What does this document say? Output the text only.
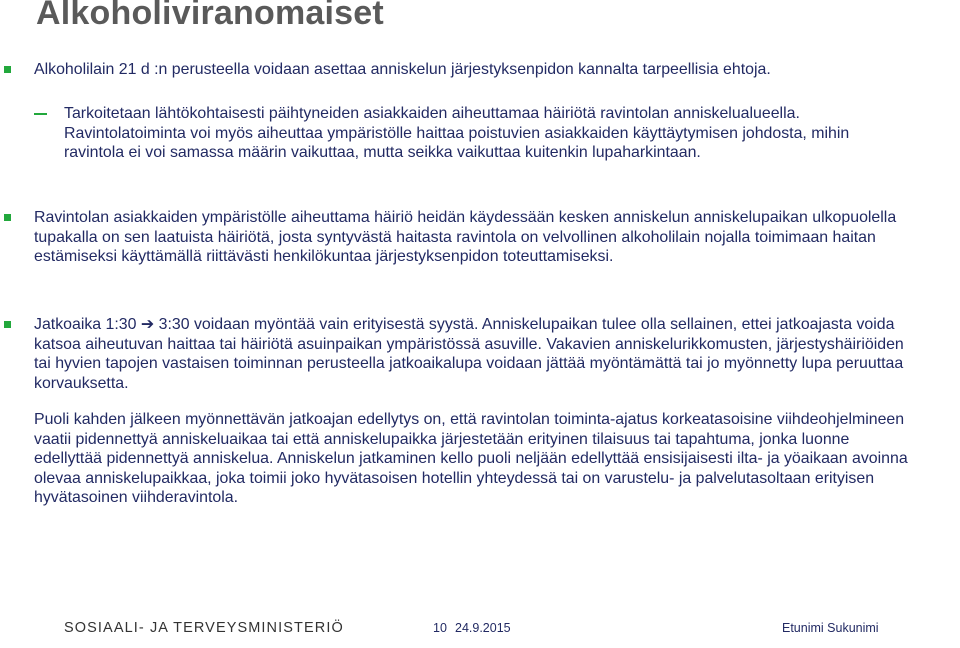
Alkoholiviranomaiset
Alkoholilain 21 d :n perusteella voidaan asettaa anniskelun järjestyksenpidon kannalta tarpeellisia ehtoja.
Tarkoitetaan lähtökohtaisesti päihtyneiden asiakkaiden aiheuttamaa häiriötä ravintolan anniskelualueella. Ravintolatoiminta voi myös aiheuttaa ympäristölle haittaa poistuvien asiakkaiden käyttäytymisen johdosta, mihin ravintola ei voi samassa määrin vaikuttaa, mutta seikka vaikuttaa kuitenkin lupaharkintaan.
Ravintolan asiakkaiden ympäristölle aiheuttama häiriö heidän käydessään kesken anniskelun anniskelupaikan ulkopuolella tupakalla on sen laatuista häiriötä, josta syntyvästä haitasta ravintola on velvollinen alkoholilain nojalla toimimaan haitan estämiseksi käyttämällä riittävästi henkilökuntaa järjestyksenpidon toteuttamiseksi.
Jatkoaika 1:30 ➔ 3:30 voidaan myöntää vain erityisestä syystä. Anniskelupaikan tulee olla sellainen, ettei jatkoajasta voida katsoa aiheutuvan haittaa tai häiriötä asuinpaikan ympäristössä asuville. Vakavien anniskelurikkomusten, järjestyshäiriöiden tai hyvien tapojen vastaisen toiminnan perusteella jatkoaikalupa voidaan jättää myöntämättä tai jo myönnetty lupa peruuttaa korvauksetta.
Puoli kahden jälkeen myönnettävän jatkoajan edellytys on, että ravintolan toiminta-ajatus korkeatasoisine viihdeohjelmineen vaatii pidennettyä anniskeluaikaa tai että anniskelupaikka järjestetään erityinen tilaisuus tai tapahtuma, jonka luonne edellyttää pidennettyä anniskelua. Anniskelun jatkaminen kello puoli neljään edellyttää ensisijaisesti ilta- ja yöaikaan avoinna olevaa anniskelupaikkaa, joka toimii joko hyvätasoisen hotellin yhteydessä tai on varustelu- ja palvelutasoltaan erityisen hyvätasoinen viihderavintola.
SOSIAALI- JA TERVEYSMINISTERIÖ	10 24.9.2015	Etunimi Sukunimi
